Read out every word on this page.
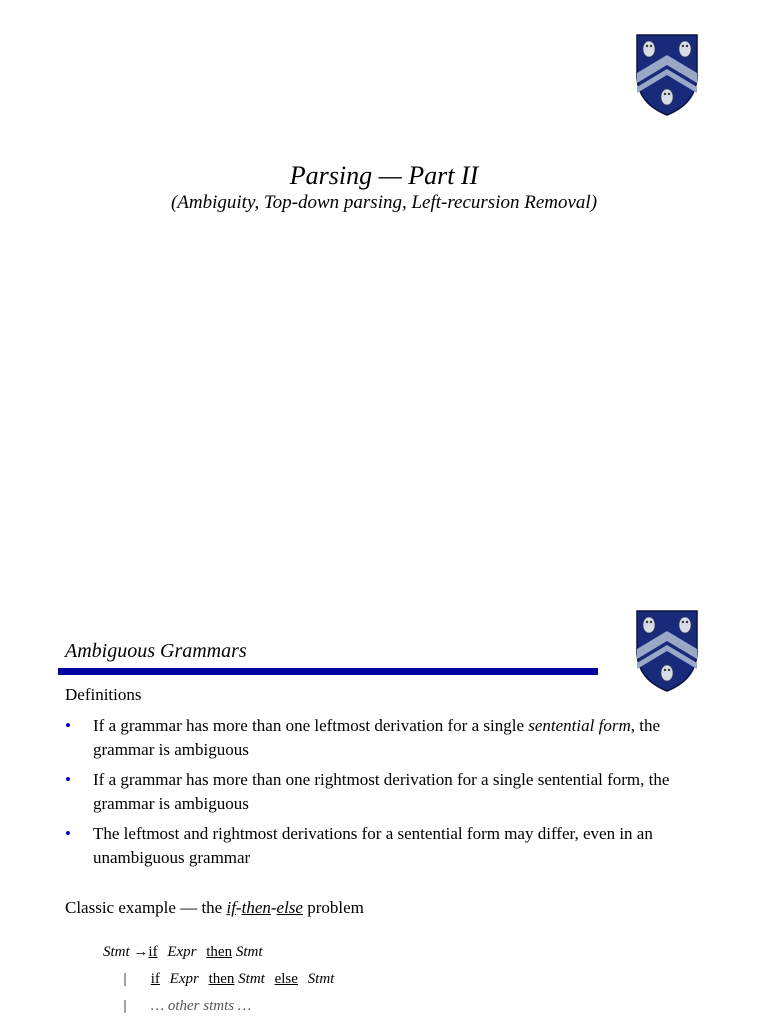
Parsing — Part II
(Ambiguity, Top-down parsing, Left-recursion Removal)
Ambiguous Grammars
Definitions
• If a grammar has more than one leftmost derivation for a single sentential form, the grammar is ambiguous
• If a grammar has more than one rightmost derivation for a single sentential form, the grammar is ambiguous
• The leftmost and rightmost derivations for a sentential form may differ, even in an unambiguous grammar
Classic example — the if-then-else problem
Stmt →if Expr then Stmt
| if Expr then Stmt else Stmt
| … other stmts …
